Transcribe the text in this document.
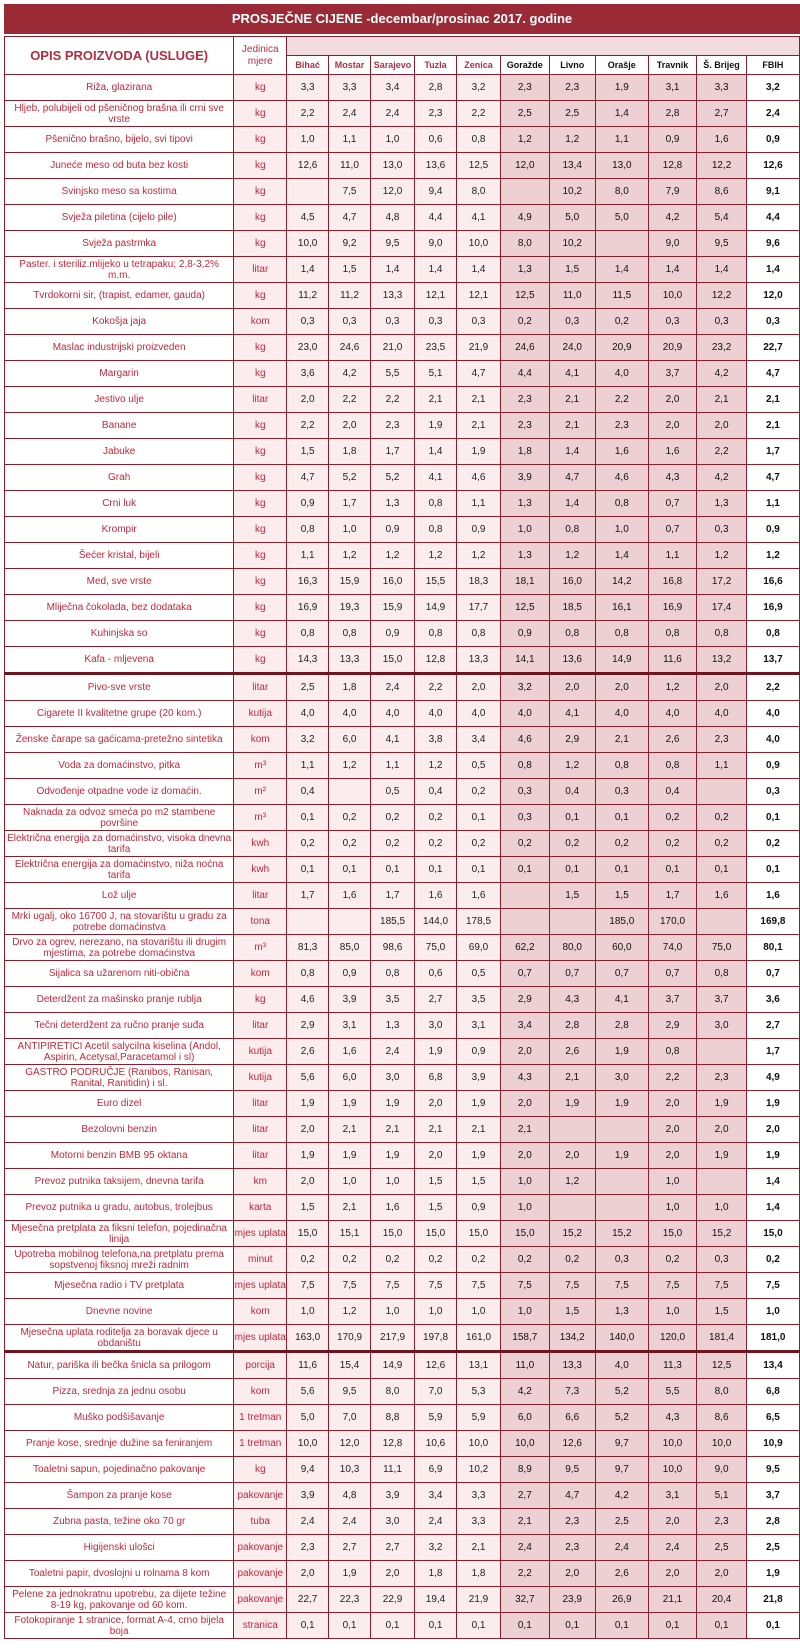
PROSJEČNE CIJENE -decembar/prosinac 2017. godine
OPIS PROIZVODA (USLUGE)	Jedinica
mjere											
		Bihać	Mostar	Sarajevo	Tuzla	Zenica	Goražde	Livno	Orašje	Travnik	Š. Brijeg	FBIH
Riža, glazirana	kg	3,3	3,3	3,4	2,8	3,2	2,3	2,3	1,9	3,1	3,3	3,2
Hljeb, polubijeli od pšeničnog brašna ili crni sve vrste	kg	2,2	2,4	2,4	2,3	2,2	2,5	2,5	1,4	2,8	2,7	2,4
Pšenično brašno, bijelo, svi tipovi	kg	1,0	1,1	1,0	0,6	0,8	1,2	1,2	1,1	0,9	1,6	0,9
Juneće meso od buta bez kosti	kg	12,6	11,0	13,0	13,6	12,5	12,0	13,4	13,0	12,8	12,2	12,6
Svinjsko meso sa kostima	kg		7,5	12,0	9,4	8,0		10,2	8,0	7,9	8,6	9,1
Svježa piletina (cijelo pile)	kg	4,5	4,7	4,8	4,4	4,1	4,9	5,0	5,0	4,2	5,4	4,4
Svježa pastrmka	kg	10,0	9,2	9,5	9,0	10,0	8,0	10,2		9,0	9,5	9,6
Paster. i steriliz.mlijeko u tetrapaku; 2,8-3,2% m.m.	litar	1,4	1,5	1,4	1,4	1,4	1,3	1,5	1,4	1,4	1,4	1,4
Tvrdokorni sir, (trapist, edamer, gauda)	kg	11,2	11,2	13,3	12,1	12,1	12,5	11,0	11,5	10,0	12,2	12,0
Kokošja jaja	kom	0,3	0,3	0,3	0,3	0,3	0,2	0,3	0,2	0,3	0,3	0,3
Maslac industrijski proizveden	kg	23,0	24,6	21,0	23,5	21,9	24,6	24,0	20,9	20,9	23,2	22,7
Margarin	kg	3,6	4,2	5,5	5,1	4,7	4,4	4,1	4,0	3,7	4,2	4,7
Jestivo ulje	litar	2,0	2,2	2,2	2,1	2,1	2,3	2,1	2,2	2,0	2,1	2,1
Banane	kg	2,2	2,0	2,3	1,9	2,1	2,3	2,1	2,3	2,0	2,0	2,1
Jabuke	kg	1,5	1,8	1,7	1,4	1,9	1,8	1,4	1,6	1,6	2,2	1,7
Grah	kg	4,7	5,2	5,2	4,1	4,6	3,9	4,7	4,6	4,3	4,2	4,7
Crni luk	kg	0,9	1,7	1,3	0,8	1,1	1,3	1,4	0,8	0,7	1,3	1,1
Krompir	kg	0,8	1,0	0,9	0,8	0,9	1,0	0,8	1,0	0,7	0,3	0,9
Šećer kristal, bijeli	kg	1,1	1,2	1,2	1,2	1,2	1,3	1,2	1,4	1,1	1,2	1,2
Med, sve vrste	kg	16,3	15,9	16,0	15,5	18,3	18,1	16,0	14,2	16,8	17,2	16,6
Mliječna čokolada, bez dodataka	kg	16,9	19,3	15,9	14,9	17,7	12,5	18,5	16,1	16,9	17,4	16,9
Kuhinjska so	kg	0,8	0,8	0,9	0,8	0,8	0,9	0,8	0,8	0,8	0,8	0,8
Kafa - mljevena	kg	14,3	13,3	15,0	12,8	13,3	14,1	13,6	14,9	11,6	13,2	13,7
Pivo-sve vrste	litar	2,5	1,8	2,4	2,2	2,0	3,2	2,0	2,0	1,2	2,0	2,2
Cigarete II kvalitetne grupe (20 kom.)	kutija	4,0	4,0	4,0	4,0	4,0	4,0	4,1	4,0	4,0	4,0	4,0
Ženske čarape sa gaćicama-pretežno sintetika	kom	3,2	6,0	4,1	3,8	3,4	4,6	2,9	2,1	2,6	2,3	4,0
Voda za domaćinstvo, pitka	m³	1,1	1,2	1,1	1,2	0,5	0,8	1,2	0,8	0,8	1,1	0,9
Odvođenje otpadne vode iz domaćin.	m²	0,4		0,5	0,4	0,2	0,3	0,4	0,3	0,4		0,3
Naknada za odvoz smeća po m2 stambene površine	m³	0,1	0,2	0,2	0,2	0,1	0,3	0,1	0,1	0,2	0,2	0,1
Električna energija za domaćinstvo, visoka dnevna tarifa	kwh	0,2	0,2	0,2	0,2	0,2	0,2	0,2	0,2	0,2	0,2	0,2
Električna energija za domaćinstvo, niža noćna tarifa	kwh	0,1	0,1	0,1	0,1	0,1	0,1	0,1	0,1	0,1	0,1	0,1
Lož ulje	litar	1,7	1,6	1,7	1,6	1,6		1,5	1,5	1,7	1,6	1,6
Mrki ugalj, oko 16700 J, na stovarištu u gradu za potrebe domaćinstva	tona			185,5	144,0	178,5			185,0	170,0		169,8
Drvo za ogrev, nerezano, na stovarištu ili drugim mjestima, za potrebe domaćinstva	m³	81,3	85,0	98,6	75,0	69,0	62,2	80,0	60,0	74,0	75,0	80,1
Sijalica sa užarenom niti-obična	kom	0,8	0,9	0,8	0,6	0,5	0,7	0,7	0,7	0,7	0,8	0,7
Deterdžent za mašinsko pranje rublja	kg	4,6	3,9	3,5	2,7	3,5	2,9	4,3	4,1	3,7	3,7	3,6
Tečni deterdžent za ručno pranje suđa	litar	2,9	3,1	1,3	3,0	3,1	3,4	2,8	2,8	2,9	3,0	2,7
ANTIPIRETICI Acetil salycilna kiselina (Andol, Aspirin, Acetysal,Paracetamol i sl)	kutija	2,6	1,6	2,4	1,9	0,9	2,0	2,6	1,9	0,8		1,7
GASTRO PODRUČJE (Ranibos, Ranisan, Ranital, Ranitidin) i sl.	kutija	5,6	6,0	3,0	6,8	3,9	4,3	2,1	3,0	2,2	2,3	4,9
Euro dizel	litar	1,9	1,9	1,9	2,0	1,9	2,0	1,9	1,9	2,0	1,9	1,9
Bezolovni benzin	litar	2,0	2,1	2,1	2,1	2,1	2,1			2,0	2,0	2,0
Motorni benzin BMB 95 oktana	litar	1,9	1,9	1,9	2,0	1,9	2,0	2,0	1,9	2,0	1,9	1,9
Prevoz putnika taksijem, dnevna tarifa	km	2,0	1,0	1,0	1,5	1,5	1,0	1,2		1,0		1,4
Prevoz putnika u gradu, autobus, trolejbus	karta	1,5	2,1	1,6	1,5	0,9	1,0			1,0	1,0	1,4
Mjesečna pretplata za fiksni telefon, pojedinačna linija	mjes uplata	15,0	15,1	15,0	15,0	15,0	15,0	15,2	15,2	15,0	15,2	15,0
Upotreba mobilnog telefona,na pretplatu prema sopstvenoj fiksnoj mreži radnim	minut	0,2	0,2	0,2	0,2	0,2	0,2	0,2	0,3	0,2	0,3	0,2
Mjesečna radio i TV pretplata	mjes uplata	7,5	7,5	7,5	7,5	7,5	7,5	7,5	7,5	7,5	7,5	7,5
Dnevne novine	kom	1,0	1,2	1,0	1,0	1,0	1,0	1,5	1,3	1,0	1,5	1,0
Mjesečna uplata roditelja za boravak djece u obdaništu	mjes uplata	163,0	170,9	217,9	197,8	161,0	158,7	134,2	140,0	120,0	181,4	181,0
Natur, pariška ili bečka šnicla sa prilogom	porcija	11,6	15,4	14,9	12,6	13,1	11,0	13,3	4,0	11,3	12,5	13,4
Pizza, srednja za jednu osobu	kom	5,6	9,5	8,0	7,0	5,3	4,2	7,3	5,2	5,5	8,0	6,8
Muško podšišavanje	1 tretman	5,0	7,0	8,8	5,9	5,9	6,0	6,6	5,2	4,3	8,6	6,5
Pranje kose, srednje dužine sa feniranjem	1 tretman	10,0	12,0	12,8	10,6	10,0	10,0	12,6	9,7	10,0	10,0	10,9
Toaletni sapun, pojedinačno pakovanje	kg	9,4	10,3	11,1	6,9	10,2	8,9	9,5	9,7	10,0	9,0	9,5
Šampon za pranje kose	pakovanje	3,9	4,8	3,9	3,4	3,3	2,7	4,7	4,2	3,1	5,1	3,7
Zubna pasta, težine oko 70 gr	tuba	2,4	2,4	3,0	2,4	3,3	2,1	2,3	2,5	2,0	2,3	2,8
Higijenski ulošci	pakovanje	2,3	2,7	2,7	3,2	2,1	2,4	2,3	2,4	2,4	2,5	2,5
Toaletni papir, dvoslojni u rolnama 8 kom	pakovanje	2,0	1,9	2,0	1,8	1,8	2,2	2,0	2,6	2,0	2,0	1,9
Pelene za jednokratnu upotrebu, za dijete težine 8-19 kg, pakovanje od 60 kom.	pakovanje	22,7	22,3	22,9	19,4	21,9	32,7	23,9	26,9	21,1	20,4	21,8
Fotokopiranje 1 stranice, format A-4, crno bijela boja	stranica	0,1	0,1	0,1	0,1	0,1	0,1	0,1	0,1	0,1	0,1	0,1
